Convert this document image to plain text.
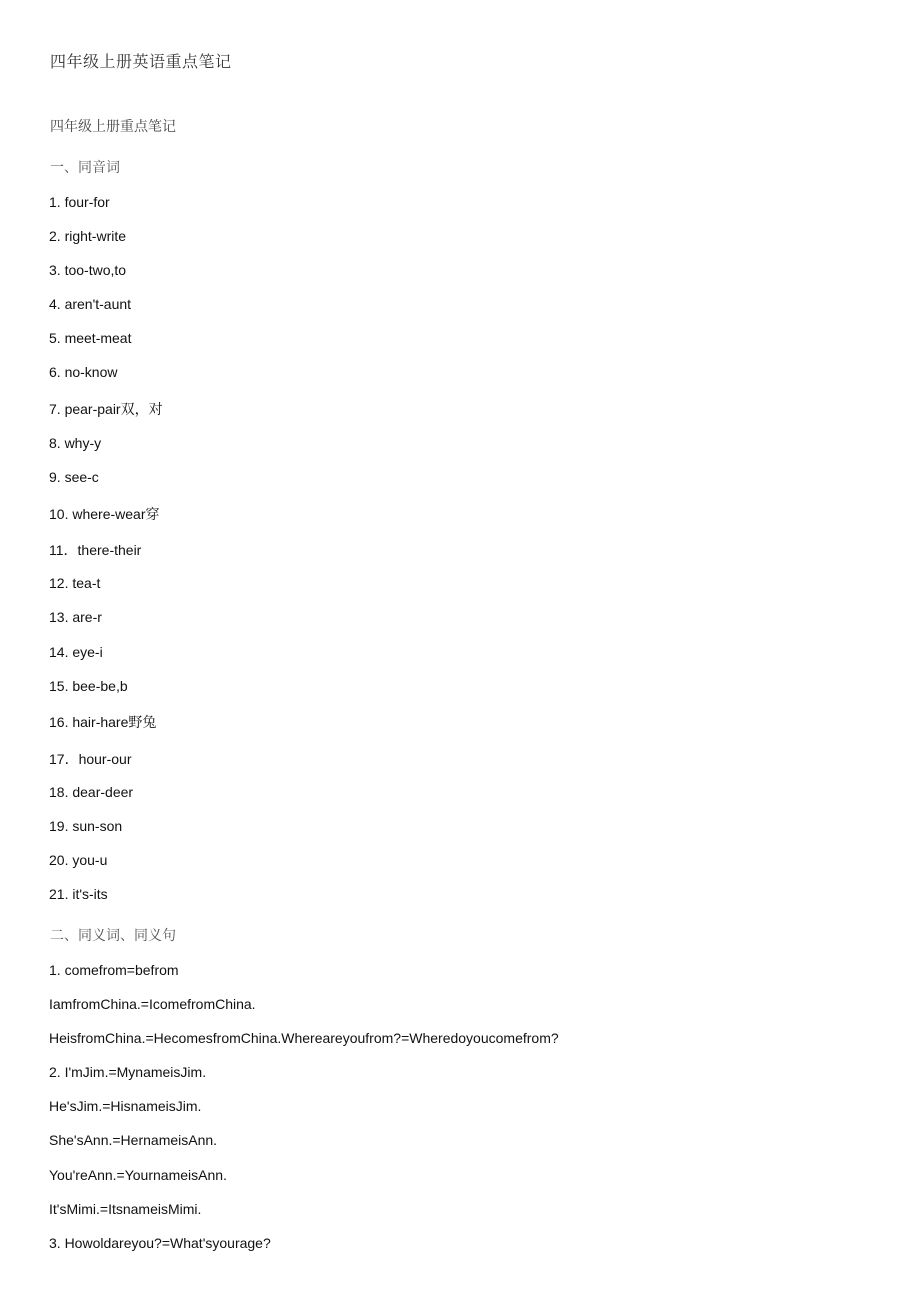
四年级上册英语重点笔记
四年级上册重点笔记
一、同音词
1. four-for
2. right-write
3. too-two,to
4. aren't-aunt
5. meet-meat
6. no-know
7. pear-pair双，对
8. why-y
9. see-c
10. where-wear穿
11．there-their
12. tea-t
13. are-r
14. eye-i
15. bee-be,b
16. hair-hare野兔
17．hour-our
18. dear-deer
19. sun-son
20. you-u
21. it's-its
二、同义词、同义句
1. comefrom=befrom
IamfromChina.=IcomefromChina.
HeisfromChina.=HecomesfromChina.Whereareyoufrom?=Wheredoyoucomefrom?
2. I'mJim.=MynameisJim.
He'sJim.=HisnameisJim.
She'sAnn.=HernameisAnn.
You'reAnn.=YournameisAnn.
It'sMimi.=ItsnameisMimi.
3. Howoldareyou?=What'syourage?
